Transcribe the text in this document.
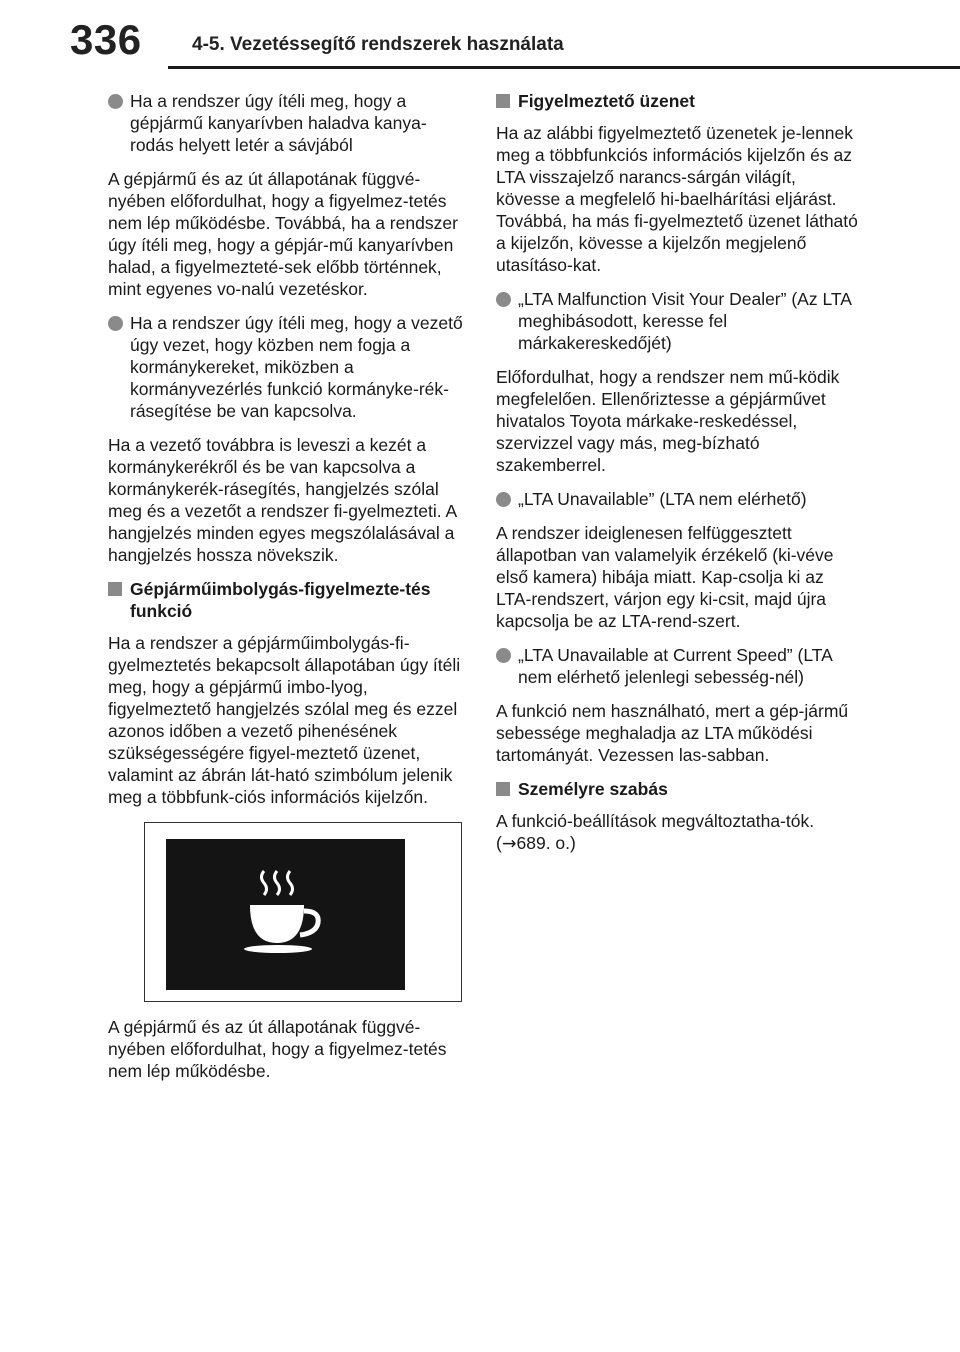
336	4-5. Vezetéssegítő rendszerek használata
Ha a rendszer úgy ítéli meg, hogy a gépjármű kanyarívben haladva kanya-rodás helyett letér a sávjából

A gépjármű és az út állapotának függvé-nyében előfordulhat, hogy a figyelmez-tetés nem lép működésbe. Továbbá, ha a rendszer úgy ítéli meg, hogy a gépjár-mű kanyarívben halad, a figyelmezteté-sek előbb történnek, mint egyenes vo-nalú vezetéskor.

Ha a rendszer úgy ítéli meg, hogy a vezető úgy vezet, hogy közben nem fogja a kormánykereket, miközben a kormányvezérlés funkció kormányke-rék-rásegítése be van kapcsolva.

Ha a vezető továbbra is leveszi a kezét a kormánykerékről és be van kapcsolva a kormánykerék-rásegítés, hangjelzés szólal meg és a vezetőt a rendszer fi-gyelmezteti. A hangjelzés minden egyes megszólalásával a hangjelzés hossza növekszik.

Gépjárműimbolygás-figyelmezte-tés funkció

Ha a rendszer a gépjárműimbolygás-fi-gyelmeztetés bekapcsolt állapotában úgy ítéli meg, hogy a gépjármű imbo-lyog, figyelmeztető hangjelzés szólal meg és ezzel azonos időben a vezető pihenésének szükségességére figyel-meztető üzenet, valamint az ábrán lát-ható szimbólum jelenik meg a többfunk-ciós információs kijelzőn.

A gépjármű és az út állapotának függvé-nyében előfordulhat, hogy a figyelmez-tetés nem lép működésbe.

Figyelmeztető üzenet

Ha az alábbi figyelmeztető üzenetek je-lennek meg a többfunkciós információs kijelzőn és az LTA visszajelző narancs-sárgán világít, kövesse a megfelelő hi-baelhárítási eljárást. Továbbá, ha más fi-gyelmeztető üzenet látható a kijelzőn, kövesse a kijelzőn megjelenő utasításo-kat.

„LTA Malfunction Visit Your Dealer” (Az LTA meghibásodott, keresse fel márkakereskedőjét)

Előfordulhat, hogy a rendszer nem mű-ködik megfelelően. Ellenőriztesse a gépjárművet hivatalos Toyota márkake-reskedéssel, szervizzel vagy más, meg-bízható szakemberrel.

„LTA Unavailable” (LTA nem elérhető)

A rendszer ideiglenesen felfüggesztett állapotban van valamelyik érzékelő (ki-véve első kamera) hibája miatt. Kap-csolja ki az LTA-rendszert, várjon egy ki-csit, majd újra kapcsolja be az LTA-rend-szert.

„LTA Unavailable at Current Speed” (LTA nem elérhető jelenlegi sebesség-nél)

A funkció nem használható, mert a gép-jármű sebessége meghaladja az LTA működési tartományát. Vezessen las-sabban.

Személyre szabás

A funkció-beállítások megváltoztatha-tók. (→689. o.)
